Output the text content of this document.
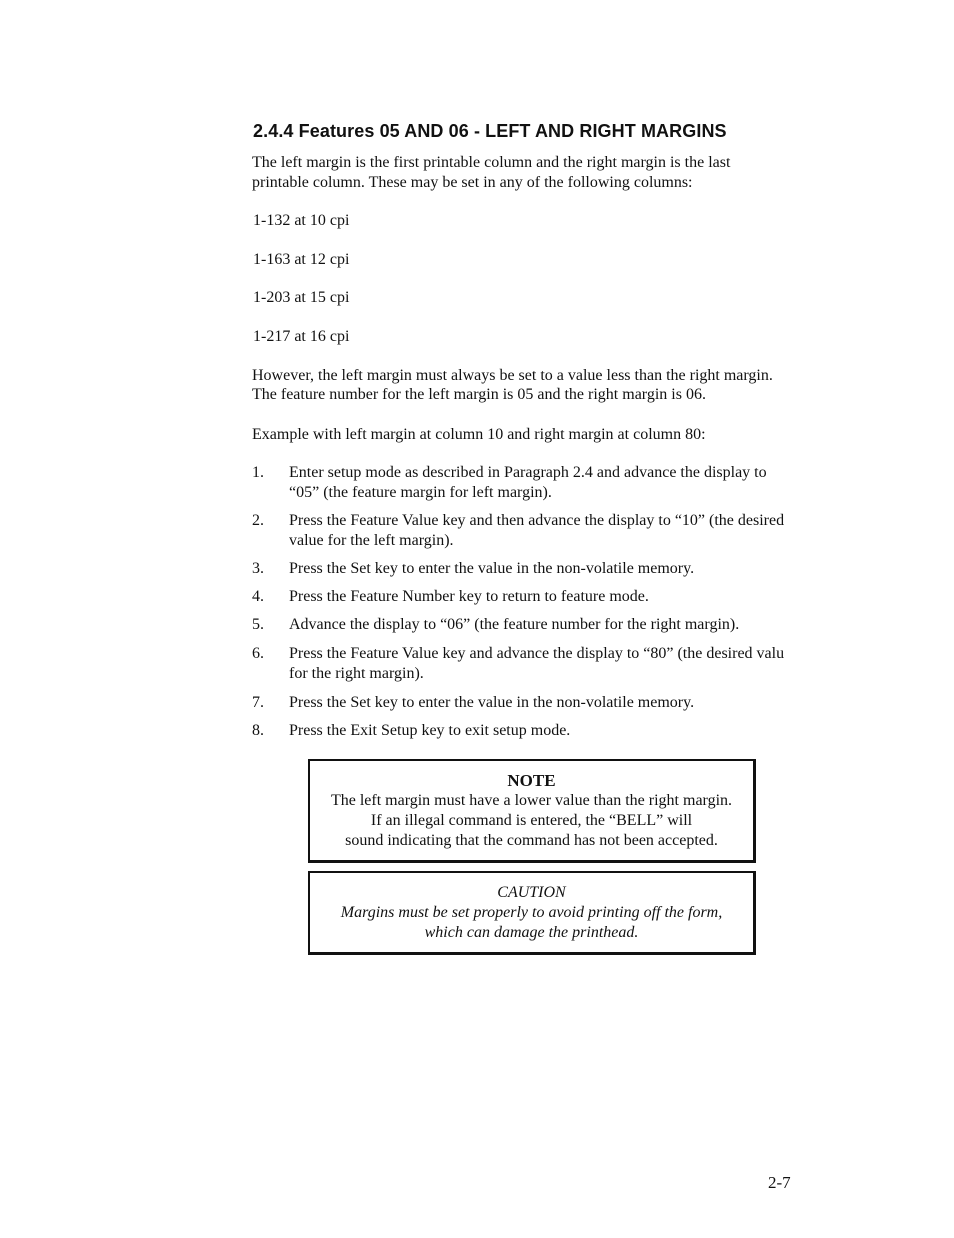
2.4.4 Features 05 AND 06 - LEFT AND RIGHT MARGINS

The left margin is the first printable column and the right margin is the last

printable column. These may be set in any of the following columns:

1-132 at 10 cpi

1-163 at 12 cpi

1-203 at 15 cpi

1-217 at 16 cpi

However, the left margin must always be set to a value less than the right margin.

The feature number for the left margin is 05 and the right margin is 06.

Example with left margin at column 10 and right margin at column 80:

1.	Enter setup mode as described in Paragraph 2.4 and advance the display to
“05” (the feature margin for left margin).
2.	Press the Feature Value key and then advance the display to “10” (the desired
value for the left margin).
3.	Press the Set key to enter the value in the non-volatile memory.
4.	Press the Feature Number key to return to feature mode.
5.	Advance the display to “06” (the feature number for the right margin).
6.	Press the Feature Value key and advance the display to “80” (the desired valu
for the right margin).
7.	Press the Set key to enter the value in the non-volatile memory.
8.	Press the Exit Setup key to exit setup mode.
NOTE
The left margin must have a lower value than the right margin.
If an illegal command is entered, the “BELL” will
sound indicating that the command has not been accepted.
CAUTION
Margins must be set properly to avoid printing off the form,
which can damage the printhead.
2-7
